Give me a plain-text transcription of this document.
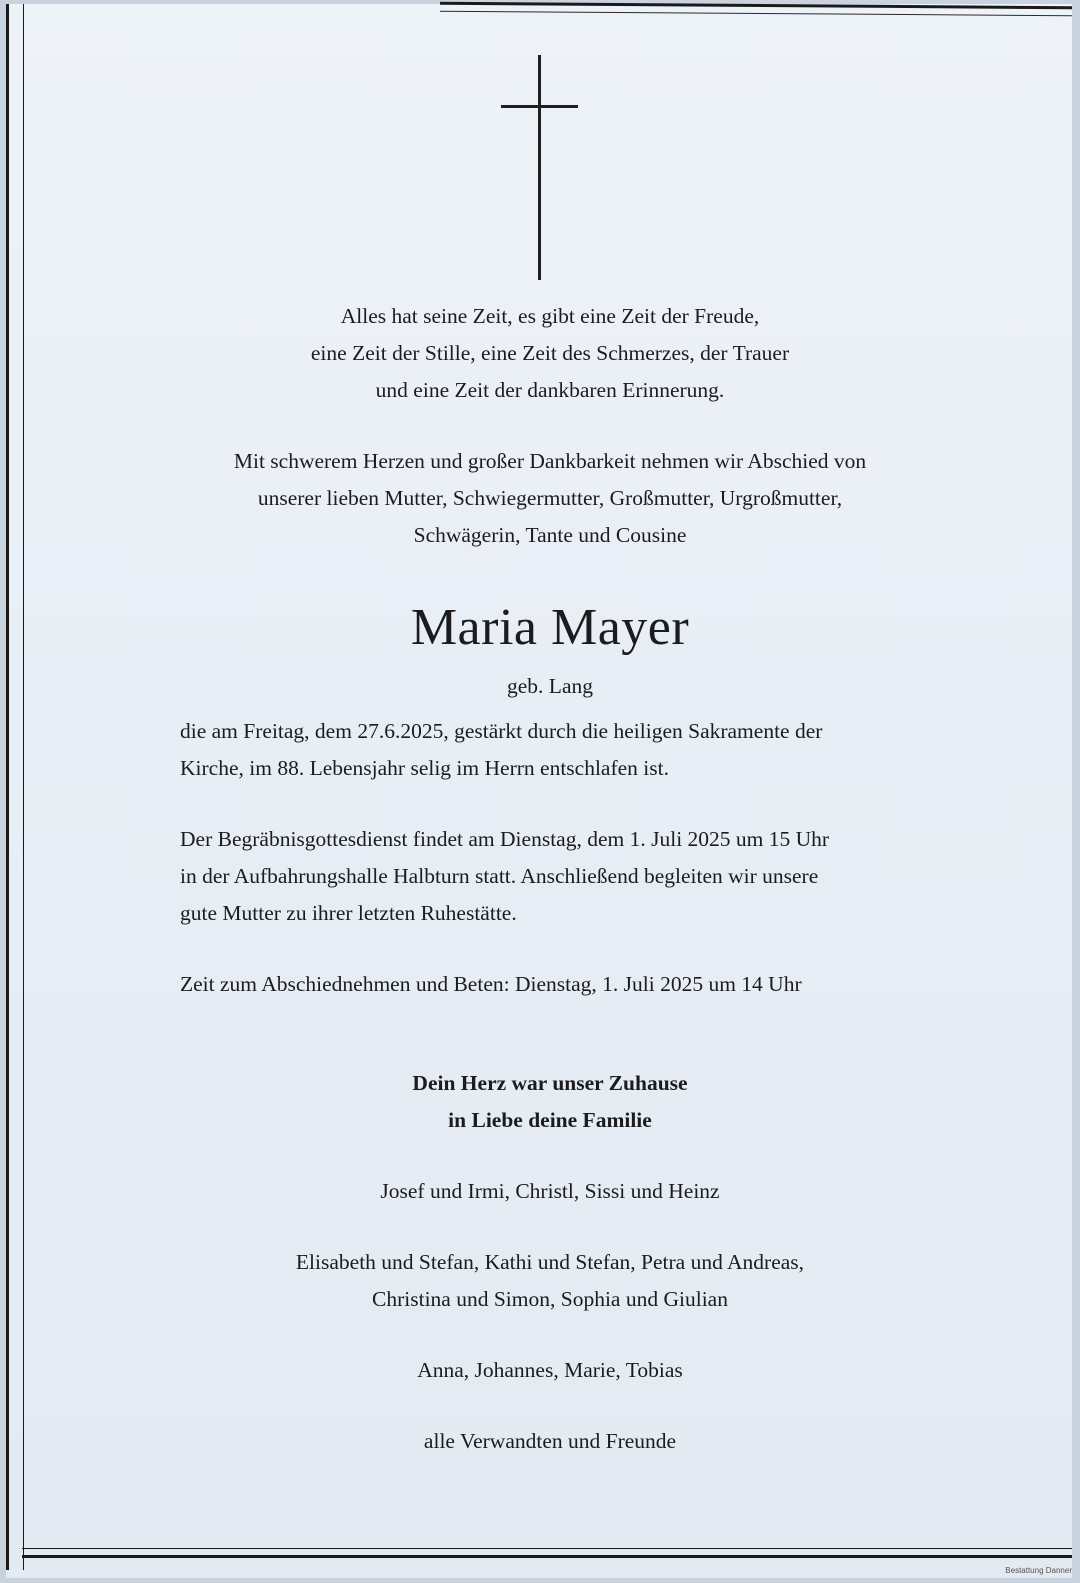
Alles hat seine Zeit, es gibt eine Zeit der Freude,

eine Zeit der Stille, eine Zeit des Schmerzes, der Trauer

und eine Zeit der dankbaren Erinnerung.

Mit schwerem Herzen und großer Dankbarkeit nehmen wir Abschied von

unserer lieben Mutter, Schwiegermutter, Großmutter, Urgroßmutter,

Schwägerin, Tante und Cousine

Maria Mayer
geb. Lang

die am Freitag, dem 27.6.2025, gestärkt durch die heiligen Sakramente der

Kirche, im 88. Lebensjahr selig im Herrn entschlafen ist.

Der Begräbnisgottesdienst findet am Dienstag, dem 1. Juli 2025 um 15 Uhr

in der Aufbahrungshalle Halbturn statt. Anschließend begleiten wir unsere

gute Mutter zu ihrer letzten Ruhestätte.

Zeit zum Abschiednehmen und Beten: Dienstag, 1. Juli 2025 um 14 Uhr

Dein Herz war unser Zuhause

in Liebe deine Familie

Josef und Irmi, Christl, Sissi und Heinz

Elisabeth und Stefan, Kathi und Stefan, Petra und Andreas,

Christina und Simon, Sophia und Giulian

Anna, Johannes, Marie, Tobias

alle Verwandten und Freunde

Bestattung Danner
